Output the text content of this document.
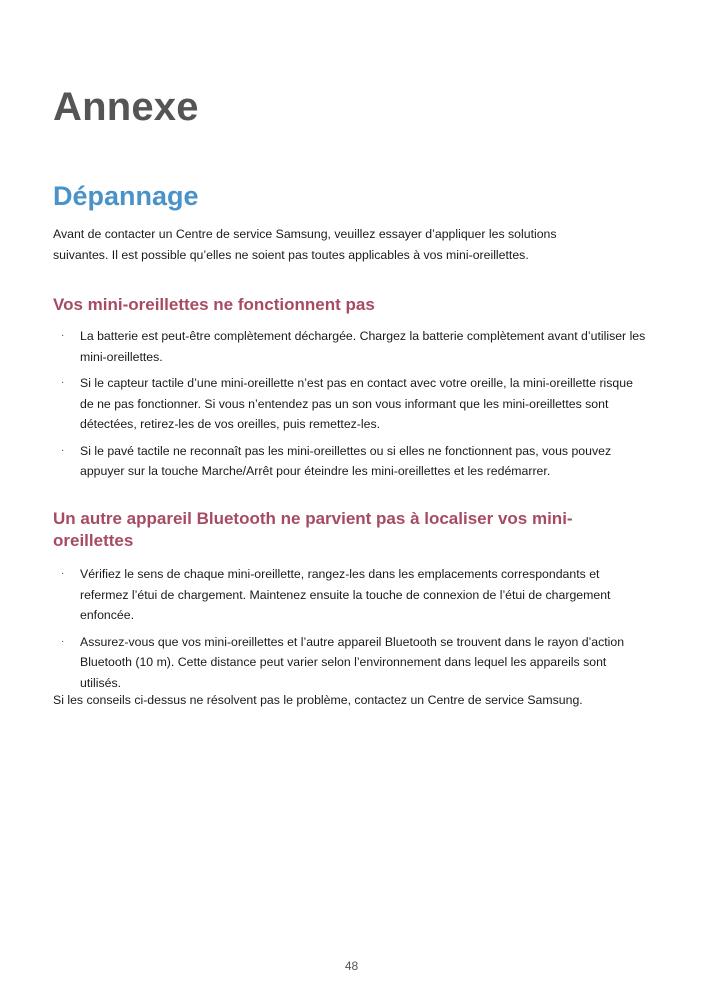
Annexe
Dépannage

Avant de contacter un Centre de service Samsung, veuillez essayer d’appliquer les solutions suivantes. Il est possible qu’elles ne soient pas toutes applicables à vos mini-oreillettes.

Vos mini-oreillettes ne fonctionnent pas
· La batterie est peut-être complètement déchargée. Chargez la batterie complètement avant d’utiliser les mini-oreillettes.
· Si le capteur tactile d’une mini-oreillette n’est pas en contact avec votre oreille, la mini-oreillette risque de ne pas fonctionner. Si vous n’entendez pas un son vous informant que les mini-oreillettes sont détectées, retirez-les de vos oreilles, puis remettez-les.
· Si le pavé tactile ne reconnaît pas les mini-oreillettes ou si elles ne fonctionnent pas, vous pouvez appuyer sur la touche Marche/Arrêt pour éteindre les mini-oreillettes et les redémarrer.
Un autre appareil Bluetooth ne parvient pas à localiser vos mini-oreillettes
· Vérifiez le sens de chaque mini-oreillette, rangez-les dans les emplacements correspondants et refermez l’étui de chargement. Maintenez ensuite la touche de connexion de l’étui de chargement enfoncée.
· Assurez-vous que vos mini-oreillettes et l’autre appareil Bluetooth se trouvent dans le rayon d’action Bluetooth (10 m). Cette distance peut varier selon l’environnement dans lequel les appareils sont utilisés.

Si les conseils ci-dessus ne résolvent pas le problème, contactez un Centre de service Samsung.

48
